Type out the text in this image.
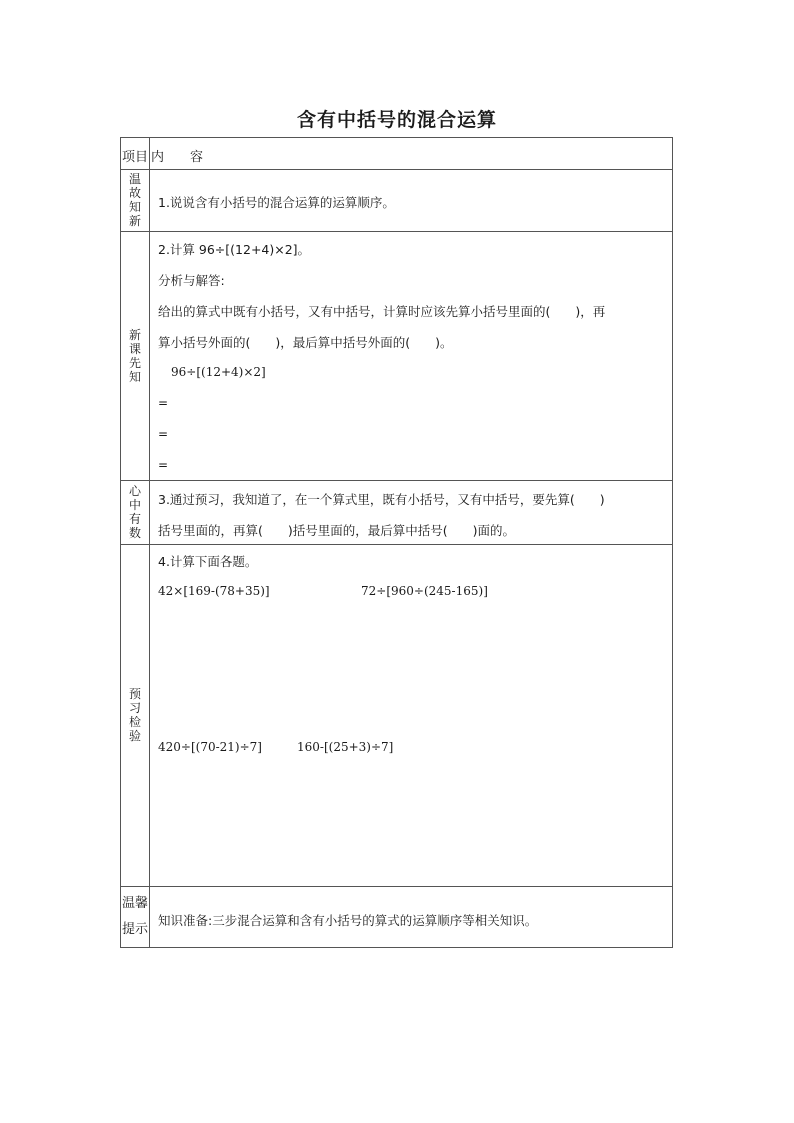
含有中括号的混合运算
项目 内　　容
温
故
知
新
1.说说含有小括号的混合运算的运算顺序。
新
课
先
知
2.计算 96÷[(12+4)×2]。
分析与解答:
给出的算式中既有小括号，又有中括号，计算时应该先算小括号里面的(　　)，再
算小括号外面的(　　)，最后算中括号外面的(　　)。
96÷[(12+4)×2]
=
=
=
心
中
有
数
3.通过预习，我知道了，在一个算式里，既有小括号，又有中括号，要先算(　　)
括号里面的，再算(　　)括号里面的，最后算中括号(　　)面的。
预
习
检
验
4.计算下面各题。
42×[169-(78+35)]	72÷[960÷(245-165)]
420÷[(70-21)÷7]	160-[(25+3)÷7]
温馨
提示
知识准备:三步混合运算和含有小括号的算式的运算顺序等相关知识。
